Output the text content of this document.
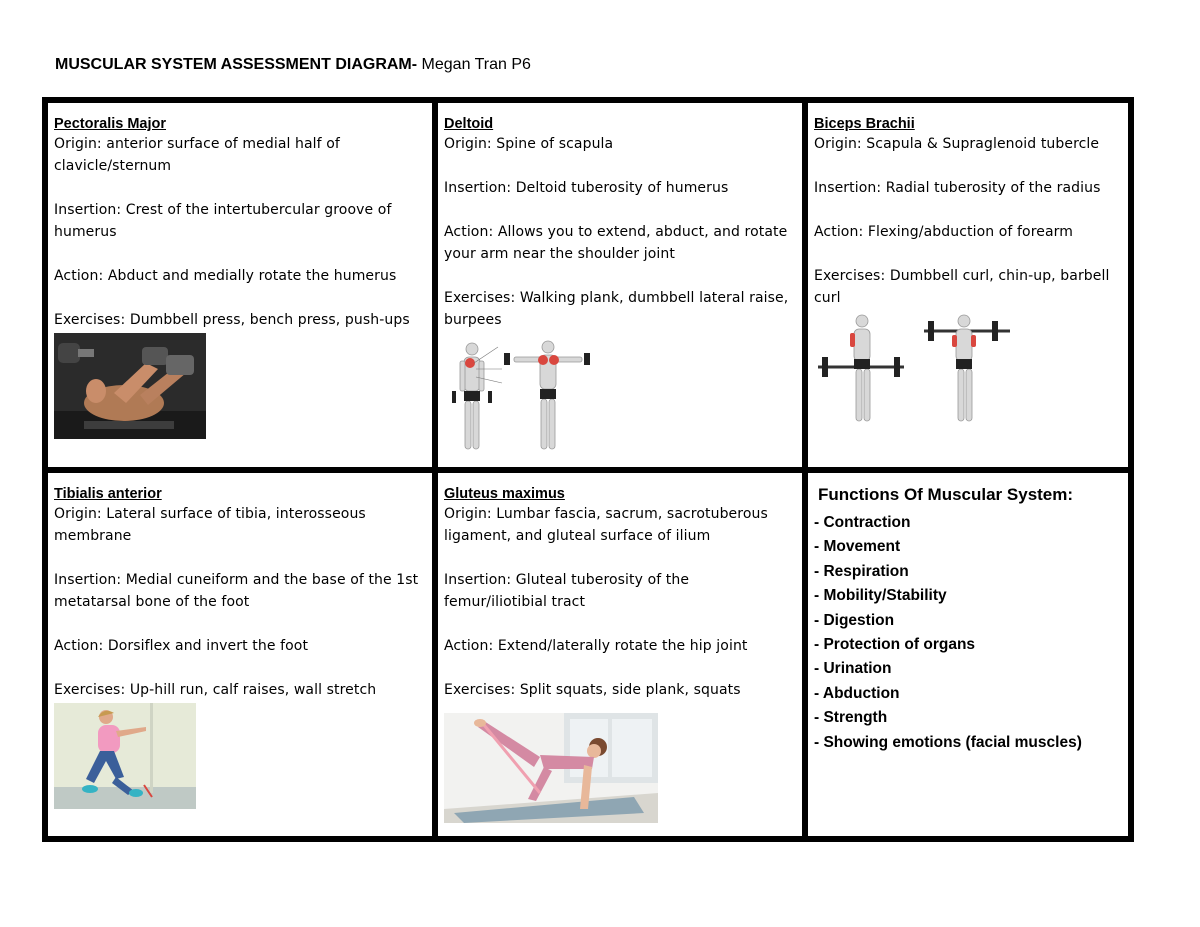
MUSCULAR SYSTEM ASSESSMENT DIAGRAM- Megan Tran P6
Pectoralis Major

Origin: anterior surface of medial half of clavicle/sternum

Insertion: Crest of the intertubercular groove of humerus

Action: Abduct and medially rotate the humerus

Exercises: Dumbbell press, bench press, push-ups

Deltoid

Origin: Spine of scapula

Insertion: Deltoid tuberosity of humerus

Action: Allows you to extend, abduct, and rotate your arm near the shoulder joint

Exercises: Walking plank, dumbbell lateral raise, burpees

Biceps Brachii

Origin: Scapula & Supraglenoid tubercle

Insertion: Radial tuberosity of the radius

Action: Flexing/abduction of forearm

Exercises: Dumbbell curl, chin-up, barbell curl

Tibialis anterior

Origin: Lateral surface of tibia, interosseous membrane

Insertion: Medial cuneiform and the base of the 1st metatarsal bone of the foot

Action: Dorsiflex and invert the foot

Exercises: Up-hill run, calf raises, wall stretch

Gluteus maximus

Origin: Lumbar fascia, sacrum, sacrotuberous ligament, and gluteal surface of ilium

Insertion: Gluteal tuberosity of the femur/iliotibial tract

Action: Extend/laterally rotate the hip joint

Exercises: Split squats, side plank, squats

Functions Of Muscular System:
- Contraction
- Movement
- Respiration
- Mobility/Stability
- Digestion
- Protection of organs
- Urination
- Abduction
- Strength
- Showing emotions (facial muscles)
